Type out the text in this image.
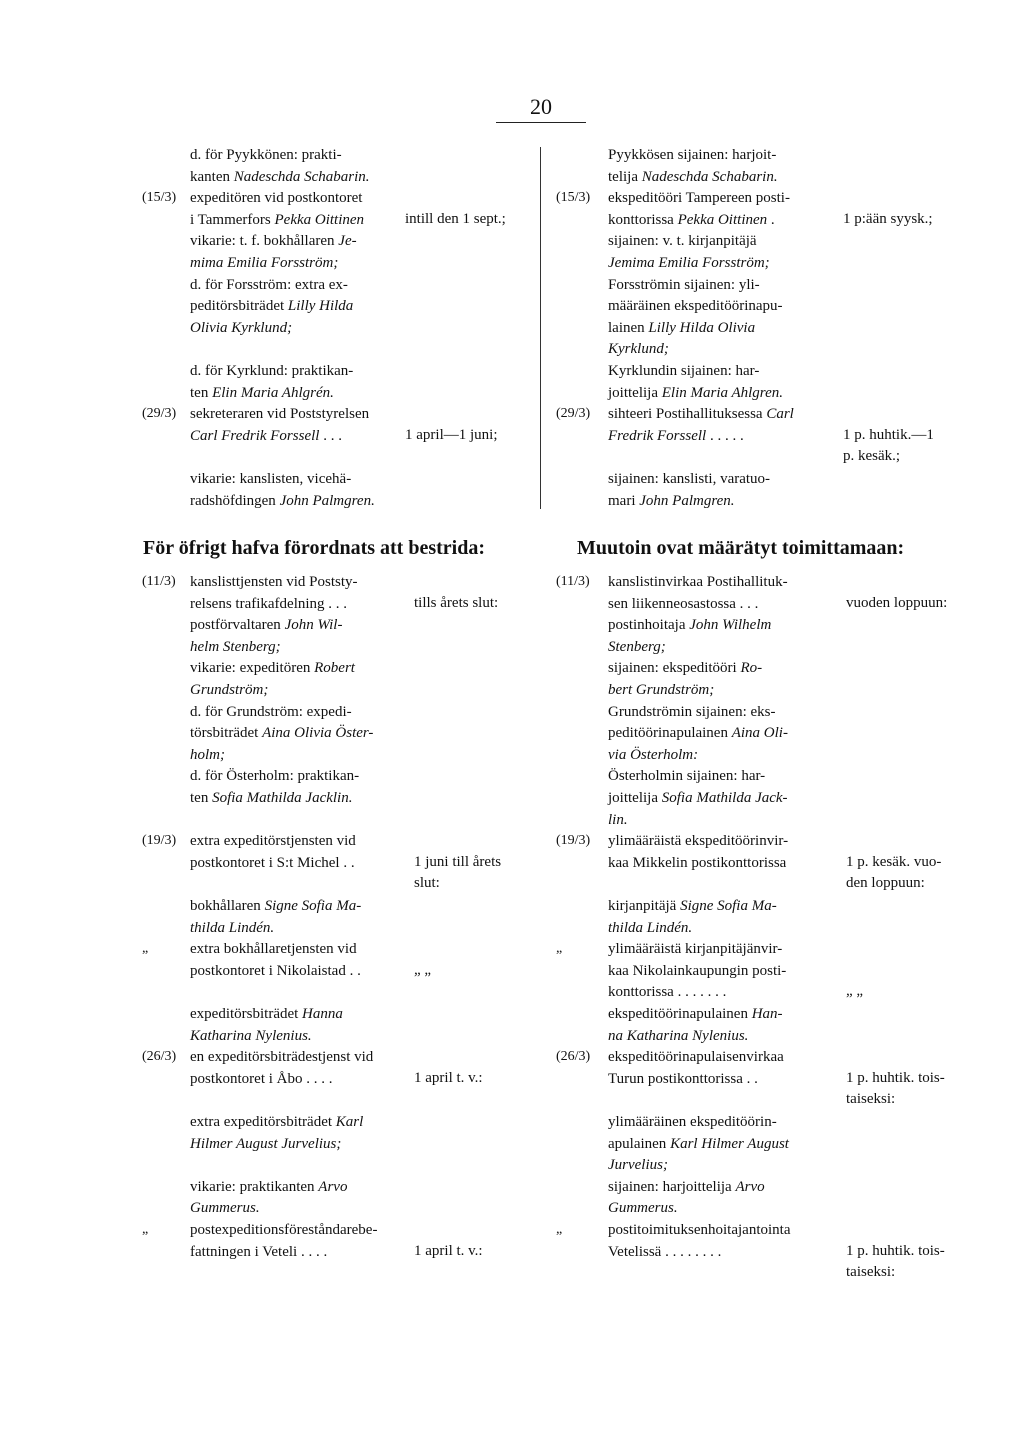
20
d. för Pyykkönen: prakti-
kanten Nadeschda Schabarin.
(15/3) expeditören vid postkontoret
i Tammerfors Pekka Oittinen	intill den 1 sept.;
vikarie: t. f. bokhållaren Je-
mima Emilia Forsström;
d. för Forsström: extra ex-
peditörsbiträdet Lilly Hilda
Olivia Kyrklund;
d. för Kyrklund: praktikan-
ten Elin Maria Ahlgrén.
(29/3) sekreteraren vid Poststyrelsen
Carl Fredrik Forssell . . .	1 april—1 juni;
vikarie: kanslisten, vicehä-
radshöfdingen John Palmgren.
Pyykkösen sijainen: harjoit-
telija Nadeschda Schabarin.
(15/3) ekspeditööri Tampereen posti-
konttorissa Pekka Oittinen .	1 p:ään syysk.;
sijainen: v. t. kirjanpitäjä
Jemima Emilia Forsström;
Forsströmin sijainen: yli-
määräinen ekspeditöörinapu-
lainen Lilly Hilda Olivia
Kyrklund;
Kyrklundin sijainen: har-
joittelija Elin Maria Ahlgren.
(29/3) sihteeri Postihallituksessa Carl
Fredrik Forssell . . . . .	1 p. huhtik.—1
p. kesäk.;
sijainen: kanslisti, varatuo-
mari John Palmgren.
För öfrigt hafva förordnats att bestrida:	Muutoin ovat määrätyt toimittamaan:
(11/3) kanslisttjensten vid Poststy-
relsens trafikafdelning . . .	tills årets slut:
postförvaltaren John Wil-
helm Stenberg;
vikarie: expeditören Robert
Grundström;
d. för Grundström: expedi-
törsbiträdet Aina Olivia Öster-
holm;
d. för Österholm: praktikan-
ten Sofia Mathilda Jacklin.
(19/3) extra expeditörstjensten vid
postkontoret i S:t Michel . .	1 juni till årets
slut:
bokhållaren Signe Sofia Ma-
thilda Lindén.
„	extra bokhållaretjensten vid
postkontoret i Nikolaistad . .	„ „
expeditörsbiträdet Hanna
Katharina Nylenius.
(26/3) en expeditörsbiträdestjenst vid
postkontoret i Åbo . . . .	1 april t. v.:
extra expeditörsbiträdet Karl
Hilmer August Jurvelius;
vikarie: praktikanten Arvo
Gummerus.
„	postexpeditionsföreståndarebe-
fattningen i Veteli . . . .	1 april t. v.:
(11/3) kanslistinvirkaa Postihallituk-
sen liikenneosastossa . . .	vuoden loppuun:
postinhoitaja John Wilhelm
Stenberg;
sijainen: ekspeditööri Ro-
bert Grundström;
Grundströmin sijainen: eks-
peditöörinapulainen Aina Oli-
via Österholm:
Österholmin sijainen: har-
joittelija Sofia Mathilda Jack-
lin.
(19/3) ylimääräistä ekspeditöörinvir-
kaa Mikkelin postikonttorissa	1 p. kesäk. vuo-
den loppuun:
kirjanpitäjä Signe Sofia Ma-
thilda Lindén.
„	ylimääräistä kirjanpitäjänvir-
kaa Nikolainkaupungin posti-
konttorissa . . . . . . .	„ „
ekspeditöörinapulainen Han-
na Katharina Nylenius.
(26/3) ekspeditöörinapulaisenvirkaa
Turun postikonttorissa . .	1 p. huhtik. tois-
taiseksi:
ylimääräinen ekspeditöörin-
apulainen Karl Hilmer August
Jurvelius;
sijainen: harjoittelija Arvo
Gummerus.
„	postitoimituksenhoitajantointa
Vetelissä . . . . . . . .	1 p. huhtik. tois-
taiseksi:
